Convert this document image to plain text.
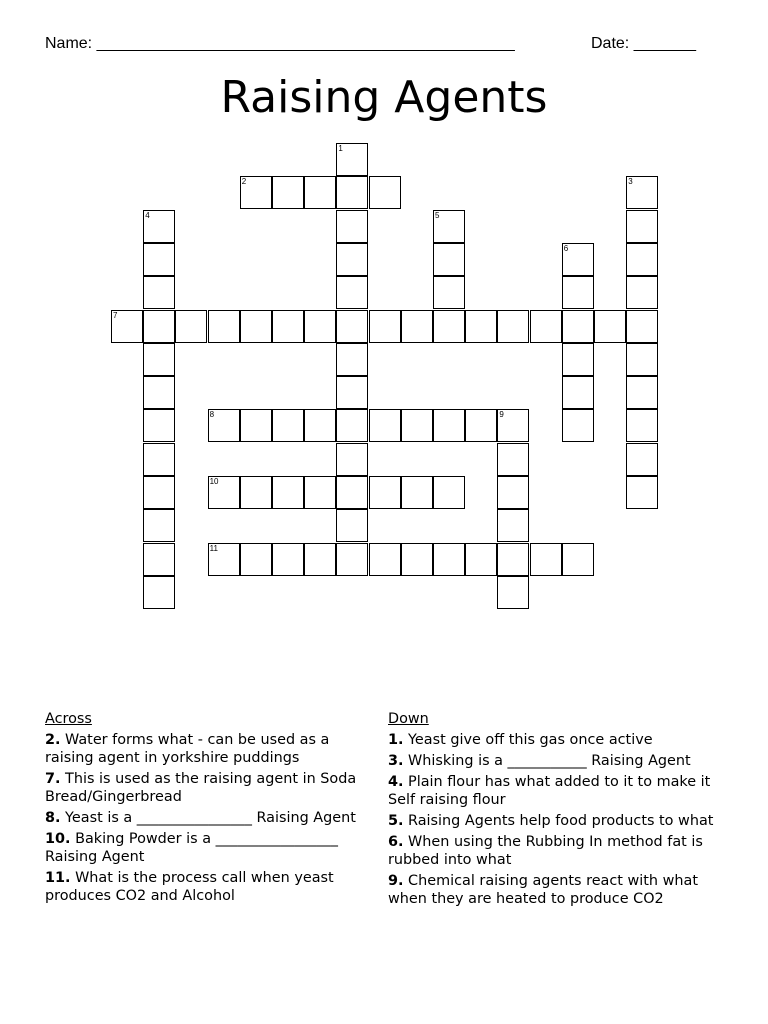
Name: _______________________________________________	Date: _______
Raising Agents
1
2	3
4	5
6
7
8	9
10
11
Across
2. Water forms what - can be used as a raising agent in yorkshire puddings
7. This is used as the raising agent in Soda Bread/Gingerbread
8. Yeast is a ________________ Raising Agent
10. Baking Powder is a _________________ Raising Agent
11. What is the process call when yeast produces CO2 and Alcohol
Down
1. Yeast give off this gas once active
3. Whisking is a ___________ Raising Agent
4. Plain flour has what added to it to make it Self raising flour
5. Raising Agents help food products to what
6. When using the Rubbing In method fat is rubbed into what
9. Chemical raising agents react with what when they are heated to produce CO2
